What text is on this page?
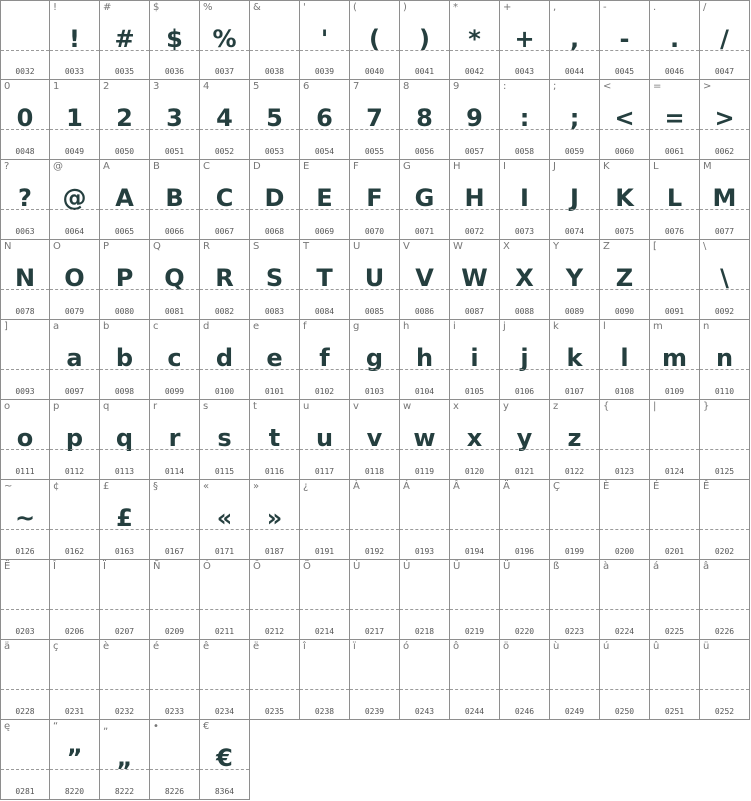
0032
!
!
0033
#
#
0035
$
$
0036
%
%
0037
&
0038
'
'
0039
(
(
0040
)
)
0041
*
*
0042
+
+
0043
,
,
0044
-
-
0045
.
.
0046
/
/
0047
0
0
0048
1
1
0049
2
2
0050
3
3
0051
4
4
0052
5
5
0053
6
6
0054
7
7
0055
8
8
0056
9
9
0057
:
:
0058
;
;
0059
<
<
0060
=
=
0061
>
>
0062
?
?
0063
@
@
0064
A
A
0065
B
B
0066
C
C
0067
D
D
0068
E
E
0069
F
F
0070
G
G
0071
H
H
0072
I
I
0073
J
J
0074
K
K
0075
L
L
0076
M
M
0077
N
N
0078
O
O
0079
P
P
0080
Q
Q
0081
R
R
0082
S
S
0083
T
T
0084
U
U
0085
V
V
0086
W
W
0087
X
X
0088
Y
Y
0089
Z
Z
0090
[
0091
\
\
0092
]
0093
a
a
0097
b
b
0098
c
c
0099
d
d
0100
e
e
0101
f
f
0102
g
g
0103
h
h
0104
i
i
0105
j
j
0106
k
k
0107
l
l
0108
m
m
0109
n
n
0110
o
o
0111
p
p
0112
q
q
0113
r
r
0114
s
s
0115
t
t
0116
u
u
0117
v
v
0118
w
w
0119
x
x
0120
y
y
0121
z
z
0122
{
0123
|
0124
}
0125
~
~
0126
¢
0162
£
£
0163
§
0167
«
«
0171
»
»
0187
¿
0191
À
0192
Á
0193
Â
0194
Ä
0196
Ç
0199
È
0200
É
0201
Ê
0202
Ë
0203
Î
0206
Ï
0207
Ñ
0209
Ó
0211
Ô
0212
Ö
0214
Ù
0217
Ú
0218
Û
0219
Ü
0220
ß
0223
à
0224
á
0225
â
0226
ä
0228
ç
0231
è
0232
é
0233
ê
0234
ë
0235
î
0238
ï
0239
ó
0243
ô
0244
ö
0246
ù
0249
ú
0250
û
0251
ü
0252
ę
0281
“
”
8220
„
„
8222
•
8226
€
€
8364
